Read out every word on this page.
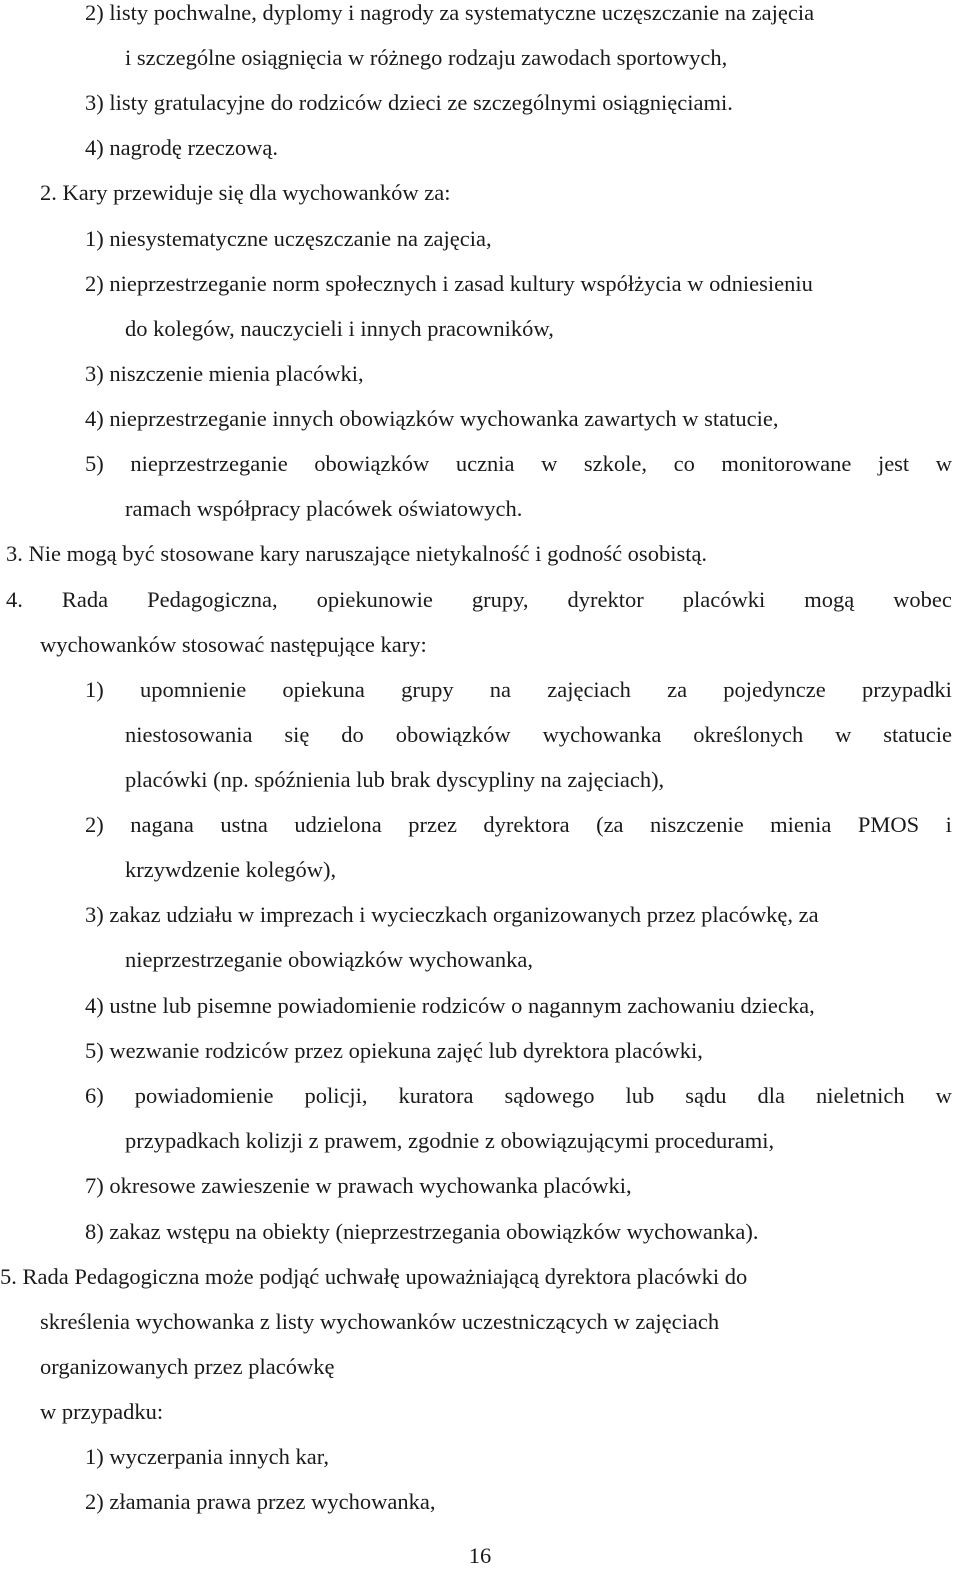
2) listy pochwalne, dyplomy i nagrody za systematyczne uczęszczanie na zajęcia
i szczególne osiągnięcia w różnego rodzaju zawodach sportowych,
3) listy gratulacyjne do rodziców dzieci ze szczególnymi osiągnięciami.
4) nagrodę rzeczową.
2. Kary przewiduje się dla wychowanków za:
1) niesystematyczne uczęszczanie na zajęcia,
2) nieprzestrzeganie norm społecznych i zasad kultury współżycia w odniesieniu
do kolegów, nauczycieli i innych pracowników,
3) niszczenie mienia placówki,
4) nieprzestrzeganie innych obowiązków wychowanka zawartych w statucie,
5) nieprzestrzeganie obowiązków ucznia w szkole, co monitorowane jest w
ramach współpracy placówek oświatowych.
3. Nie mogą być stosowane kary naruszające nietykalność i godność osobistą.
4. Rada Pedagogiczna, opiekunowie grupy, dyrektor placówki mogą wobec
wychowanków stosować następujące kary:
1) upomnienie opiekuna grupy na zajęciach za pojedyncze przypadki
niestosowania się do obowiązków wychowanka określonych w statucie
placówki (np. spóźnienia lub brak dyscypliny na zajęciach),
2) nagana ustna udzielona przez dyrektora (za niszczenie mienia PMOS i
krzywdzenie kolegów),
3) zakaz udziału w imprezach i wycieczkach organizowanych przez placówkę, za
nieprzestrzeganie obowiązków wychowanka,
4) ustne lub pisemne powiadomienie rodziców o nagannym zachowaniu dziecka,
5) wezwanie rodziców przez opiekuna zajęć lub dyrektora placówki,
6) powiadomienie policji, kuratora sądowego lub sądu dla nieletnich w
przypadkach kolizji z prawem, zgodnie z obowiązującymi procedurami,
7) okresowe zawieszenie w prawach wychowanka placówki,
8) zakaz wstępu na obiekty (nieprzestrzegania obowiązków wychowanka).
5. Rada Pedagogiczna może podjąć uchwałę upoważniającą dyrektora placówki do
skreślenia wychowanka z listy wychowanków uczestniczących w zajęciach
organizowanych przez placówkę
w przypadku:
1) wyczerpania innych kar,
2) złamania prawa przez wychowanka,
16
